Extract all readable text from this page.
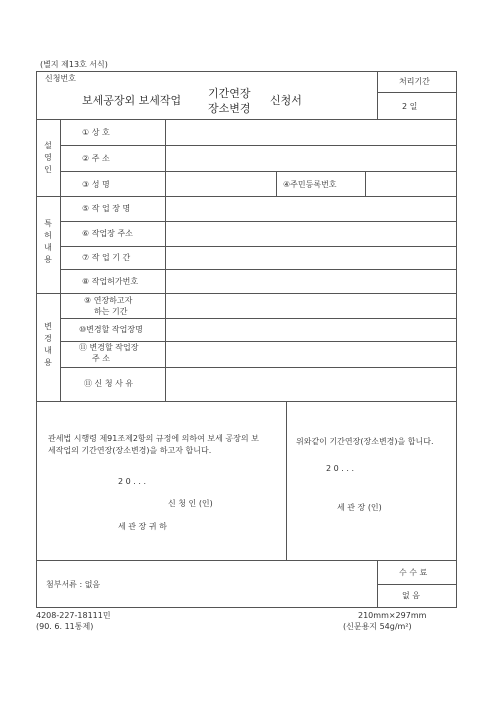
(별지 제13호 서식)
신청번호
보세공장외 보세작업
기간연장
장소변경
신청서
처리기간
2 일
설
영
인
① 상 호
② 주 소
③ 성 명	④주민등록번호
특
허
내
용
⑤ 작 업 장 명
⑥ 작업장 주소
⑦ 작 업 기 간
⑧ 작업허가번호
변
경
내
용
⑨ 연장하고자
하는 기간
⑩변경할 작업장명
⑪ 변경할 작업장
주 소
⑪ 신 청 사 유
관세법 시행령 제91조제2항의 규정에 의하여 보세 공장의 보
세작업의 기간연장(장소변경)을 하고자 합니다.
2 0 . . .
신 청 인 (인)
세 관 장 귀 하
위와같이 기간연장(장소변경)을 합니다.
2 0 . . .
세 관 장 (인)
첨부서류 : 없음
수 수 료
없 음
4208-227-18111민
(90. 6. 11통제)
210mm×297mm
(신문용지 54g/m²)
